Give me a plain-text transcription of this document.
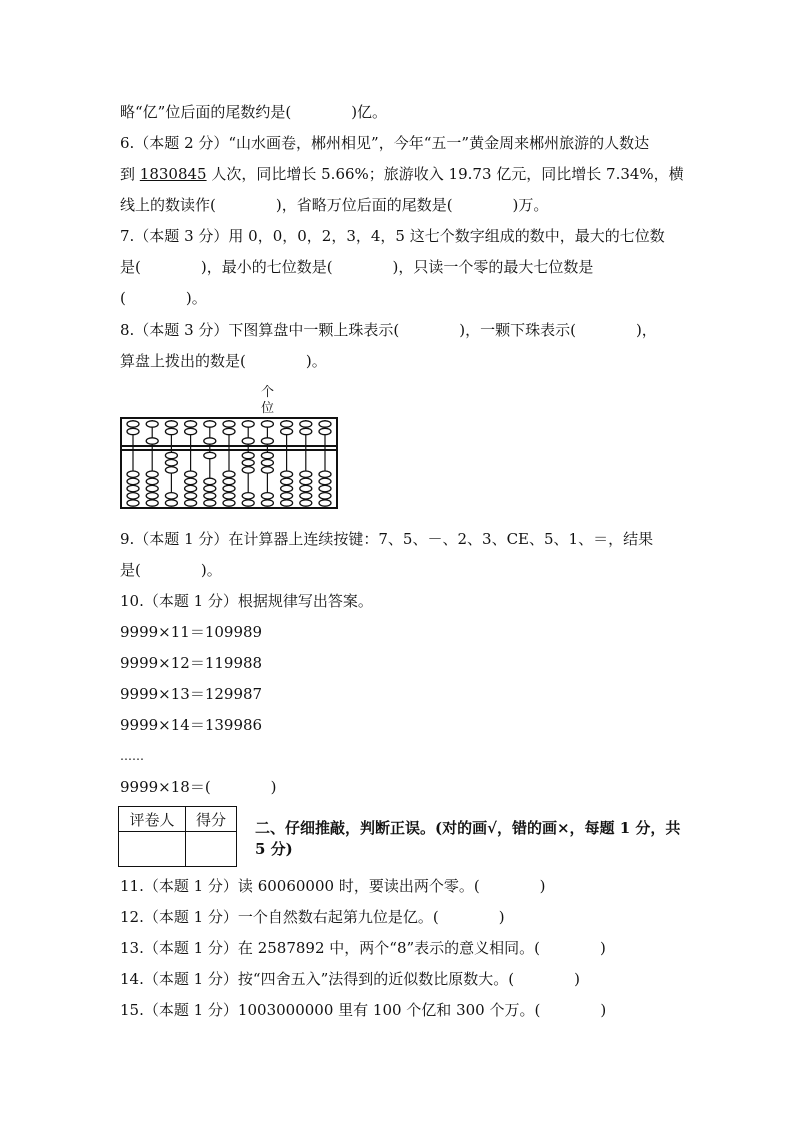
略“亿”位后面的尾数约是(　　　　)亿。
6.（本题 2 分）“山水画卷，郴州相见”，今年“五一”黄金周来郴州旅游的人数达
到 1830845 人次，同比增长 5.66%；旅游收入 19.73 亿元，同比增长 7.34%，横
线上的数读作(　　　　)，省略万位后面的尾数是(　　　　)万。
7.（本题 3 分）用 0，0，0，2，3，4，5 这七个数字组成的数中，最大的七位数
是(　　　　)，最小的七位数是(　　　　)，只读一个零的最大七位数是
(　　　　)。
8.（本题 3 分）下图算盘中一颗上珠表示(　　　　)，一颗下珠表示(　　　　)，
算盘上拨出的数是(　　　　)。
个
位
9.（本题 1 分）在计算器上连续按键：7、5、－、2、3、CE、5、1、＝，结果
是(　　　　)。
10.（本题 1 分）根据规律写出答案。
9999×11＝109989
9999×12＝119988
9999×13＝129987
9999×14＝139986
……
9999×18＝(　　　　)
评卷人	得分
	二、仔细推敲，判断正误。(对的画√，错的画×，每题 1 分，共 5 分)
11.（本题 1 分）读 60060000 时，要读出两个零。(　　　　)
12.（本题 1 分）一个自然数右起第九位是亿。(　　　　)
13.（本题 1 分）在 2587892 中，两个“8”表示的意义相同。(　　　　)
14.（本题 1 分）按“四舍五入”法得到的近似数比原数大。(　　　　)
15.（本题 1 分）1003000000 里有 100 个亿和 300 个万。(　　　　)
